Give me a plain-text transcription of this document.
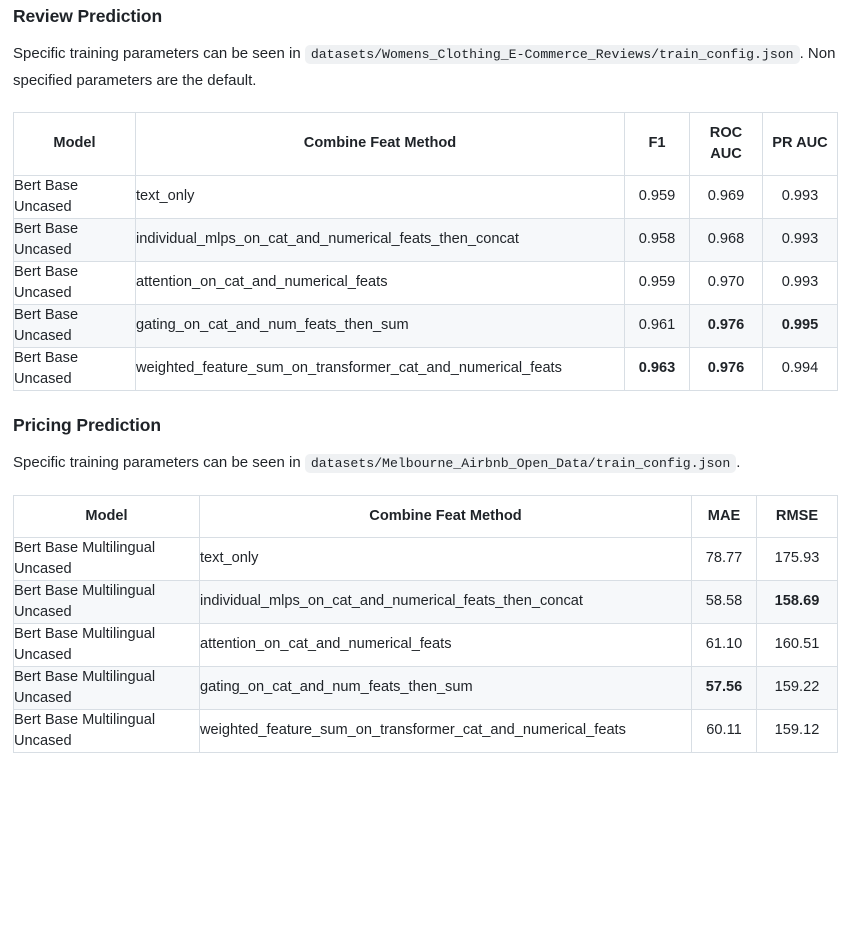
Review Prediction

Specific training parameters can be seen in datasets/Womens_Clothing_E-Commerce_Reviews/train_config.json . Non specified parameters are the default.

Model	Combine Feat Method	F1	ROC AUC	PR AUC
Bert Base Uncased	text_only	0.959	0.969	0.993
Bert Base Uncased	individual_mlps_on_cat_and_numerical_feats_then_concat	0.958	0.968	0.993
Bert Base Uncased	attention_on_cat_and_numerical_feats	0.959	0.970	0.993
Bert Base Uncased	gating_on_cat_and_num_feats_then_sum	0.961	0.976	0.995
Bert Base Uncased	weighted_feature_sum_on_transformer_cat_and_numerical_feats	0.963	0.976	0.994
Pricing Prediction

Specific training parameters can be seen in datasets/Melbourne_Airbnb_Open_Data/train_config.json .

Model	Combine Feat Method	MAE	RMSE
Bert Base Multilingual Uncased	text_only	78.77	175.93
Bert Base Multilingual Uncased	individual_mlps_on_cat_and_numerical_feats_then_concat	58.58	158.69
Bert Base Multilingual Uncased	attention_on_cat_and_numerical_feats	61.10	160.51
Bert Base Multilingual Uncased	gating_on_cat_and_num_feats_then_sum	57.56	159.22
Bert Base Multilingual Uncased	weighted_feature_sum_on_transformer_cat_and_numerical_feats	60.11	159.12
